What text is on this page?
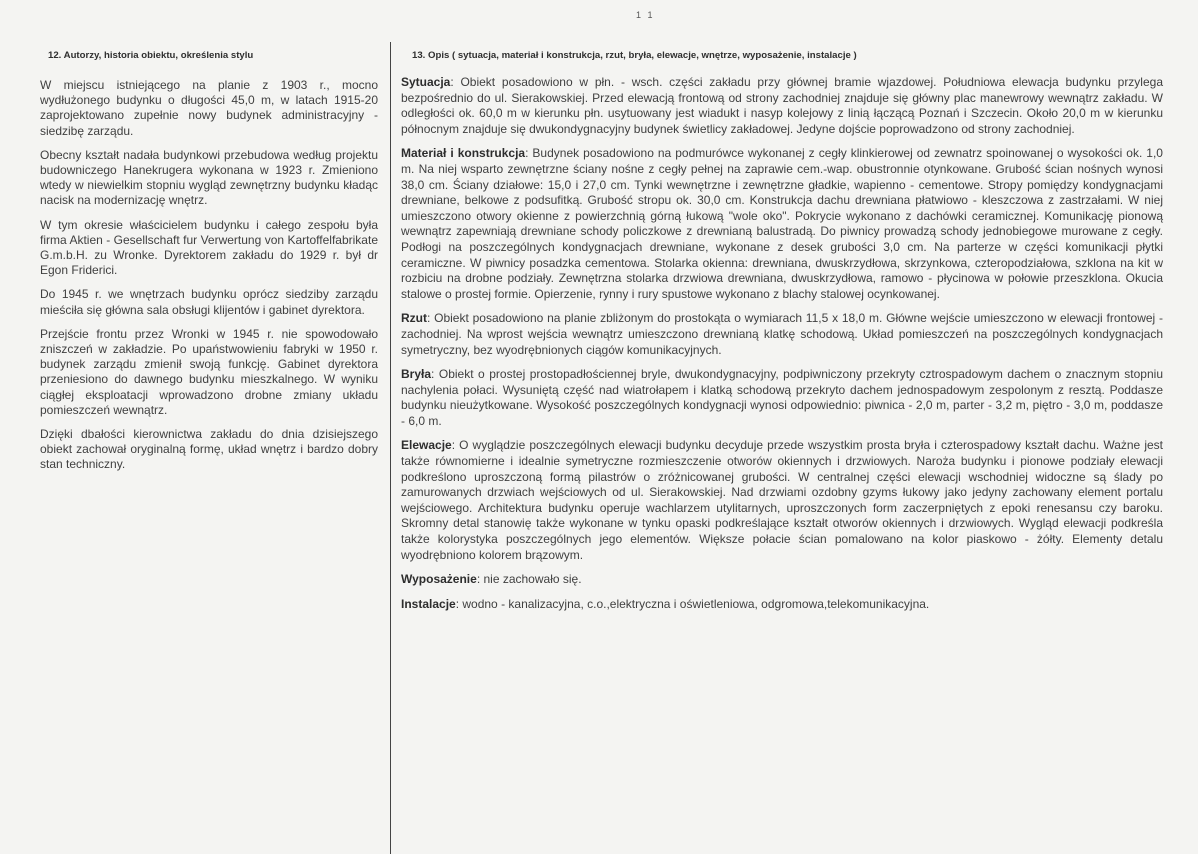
1 1
12. Autorzy, historia obiektu, określenia stylu

W miejscu istniejącego na planie z 1903 r., mocno wydłużonego budynku o długości 45,0 m, w latach 1915-20 zaprojektowano zupełnie nowy budynek administracyjny - siedzibę zarządu.

Obecny kształt nadała budynkowi przebudowa według projektu budowniczego Hanekrugera wykonana w 1923 r. Zmieniono wtedy w niewielkim stopniu wygląd zewnętrzny budynku kładąc nacisk na modernizację wnętrz.

W tym okresie właścicielem budynku i całego zespołu była firma Aktien - Gesellschaft fur Verwertung von Kartoffelfabrikate G.m.b.H. zu Wronke. Dyrektorem zakładu do 1929 r. był dr Egon Friderici.

Do 1945 r. we wnętrzach budynku oprócz siedziby zarządu mieściła się główna sala obsługi klijentów i gabinet dyrektora.

Przejście frontu przez Wronki w 1945 r. nie spowodowało zniszczeń w zakładzie. Po upaństwowieniu fabryki w 1950 r. budynek zarządu zmienił swoją funkcję. Gabinet dyrektora przeniesiono do dawnego budynku mieszkalnego. W wyniku ciągłej eksploatacji wprowadzono drobne zmiany układu pomieszczeń wewnątrz.

Dzięki dbałości kierownictwa zakładu do dnia dzisiejszego obiekt zachował oryginalną formę, układ wnętrz i bardzo dobry stan techniczny.

13. Opis ( sytuacja, materiał i konstrukcja, rzut, bryła, elewacje, wnętrze, wyposażenie, instalacje )

Sytuacja: Obiekt posadowiono w płn. - wsch. części zakładu przy głównej bramie wjazdowej. Południowa elewacja budynku przylega bezpośrednio do ul. Sierakowskiej. Przed elewacją frontową od strony zachodniej znajduje się główny plac manewrowy wewnątrz zakładu. W odległości ok. 60,0 m w kierunku płn. usytuowany jest wiadukt i nasyp kolejowy z linią łączącą Poznań i Szczecin. Około 20,0 m w kierunku północnym znajduje się dwukondygnacyjny budynek świetlicy zakładowej. Jedyne dojście poprowadzono od strony zachodniej.

Materiał i konstrukcja: Budynek posadowiono na podmurówce wykonanej z cegły klinkierowej od zewnatrz spoinowanej o wysokości ok. 1,0 m. Na niej wsparto zewnętrzne ściany nośne z cegły pełnej na zaprawie cem.-wap. obustronnie otynkowane. Grubość ścian nośnych wynosi 38,0 cm. Ściany działowe: 15,0 i 27,0 cm. Tynki wewnętrzne i zewnętrzne gładkie, wapienno - cementowe. Stropy pomiędzy kondygnacjami drewniane, belkowe z podsufitką. Grubość stropu ok. 30,0 cm. Konstrukcja dachu drewniana płatwiowo - kleszczowa z zastrzałami. W niej umieszczono otwory okienne z powierzchnią górną łukową "wole oko". Pokrycie wykonano z dachówki ceramicznej. Komunikację pionową wewnątrz zapewniają drewniane schody policzkowe z drewnianą balustradą. Do piwnicy prowadzą schody jednobiegowe murowane z cegły. Podłogi na poszczególnych kondygnacjach drewniane, wykonane z desek grubości 3,0 cm. Na parterze w części komunikacji płytki ceramiczne. W piwnicy posadzka cementowa. Stolarka okienna: drewniana, dwuskrzydłowa, skrzynkowa, czteropodziałowa, szklona na kit w rozbiciu na drobne podziały. Zewnętrzna stolarka drzwiowa drewniana, dwuskrzydłowa, ramowo - płycinowa w połowie przeszklona. Okucia stalowe o prostej formie. Opierzenie, rynny i rury spustowe wykonano z blachy stalowej ocynkowanej.

Rzut: Obiekt posadowiono na planie zbliżonym do prostokąta o wymiarach 11,5 x 18,0 m. Główne wejście umieszczono w elewacji frontowej - zachodniej. Na wprost wejścia wewnątrz umieszczono drewnianą klatkę schodową. Układ pomieszczeń na poszczególnych kondygnacjach symetryczny, bez wyodrębnionych ciągów komunikacyjnych.

Bryła: Obiekt o prostej prostopadłościennej bryle, dwukondygnacyjny, podpiwniczony przekryty cztrospadowym dachem o znacznym stopniu nachylenia połaci. Wysuniętą część nad wiatrołapem i klatką schodową przekryto dachem jednospadowym zespolonym z resztą. Poddasze budynku nieużytkowane. Wysokość poszczególnych kondygnacji wynosi odpowiednio: piwnica - 2,0 m, parter - 3,2 m, piętro - 3,0 m, poddasze - 6,0 m.

Elewacje: O wyglądzie poszczególnych elewacji budynku decyduje przede wszystkim prosta bryła i czterospadowy kształt dachu. Ważne jest także równomierne i idealnie symetryczne rozmieszczenie otworów okiennych i drzwiowych. Naroża budynku i pionowe podziały elewacji podkreślono uproszczoną formą pilastrów o zróżnicowanej grubości. W centralnej części elewacji wschodniej widoczne są ślady po zamurowanych drzwiach wejściowych od ul. Sierakowskiej. Nad drzwiami ozdobny gzyms łukowy jako jedyny zachowany element portalu wejściowego. Architektura budynku operuje wachlarzem utylitarnych, uproszczonych form zaczerpniętych z epoki renesansu czy baroku. Skromny detal stanowię także wykonane w tynku opaski podkreślające kształt otworów okiennych i drzwiowych. Wygląd elewacji podkreśla także kolorystyka poszczególnych jego elementów. Większe połacie ścian pomalowano na kolor piaskowo - żółty. Elementy detalu wyodrębniono kolorem brązowym.

Wyposażenie: nie zachowało się.

Instalacje: wodno - kanalizacyjna, c.o.,elektryczna i oświetleniowa, odgromowa,telekomunikacyjna.
